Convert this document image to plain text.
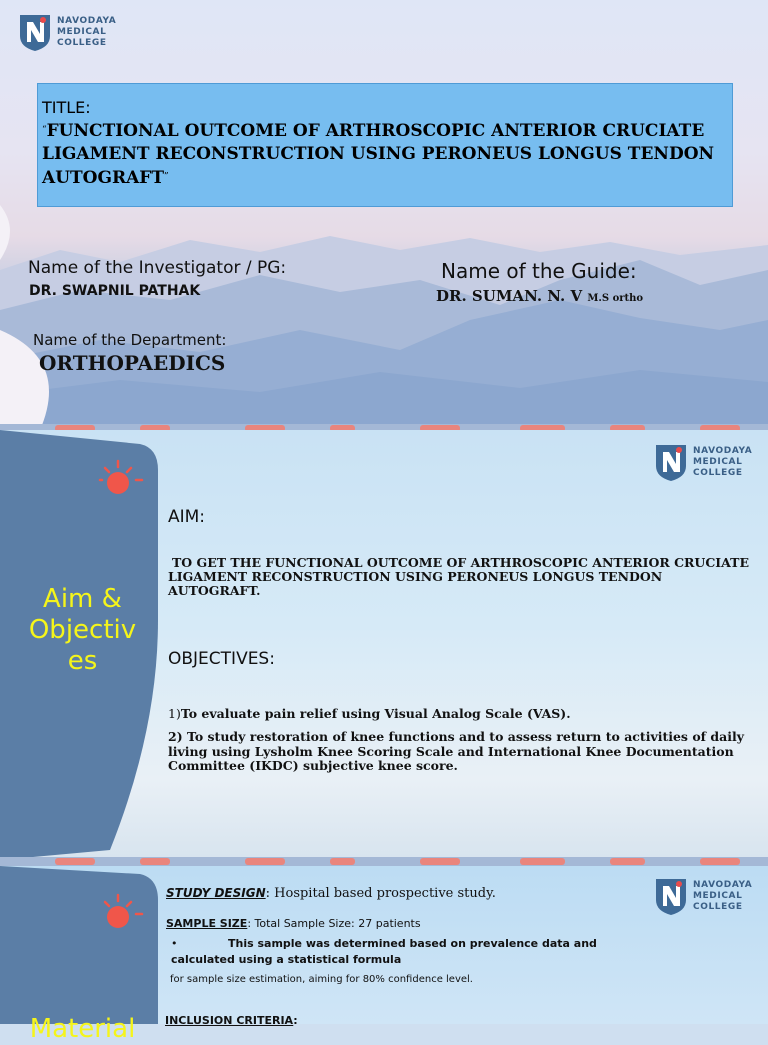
NAVODAYA
MEDICAL
COLLEGE
TITLE:
“FUNCTIONAL OUTCOME OF ARTHROSCOPIC ANTERIOR CRUCIATE LIGAMENT RECONSTRUCTION USING PERONEUS LONGUS TENDON AUTOGRAFT”
Name of the Investigator / PG:
DR. SWAPNIL PATHAK
Name of the Guide:
DR. SUMAN. N. V M.S ortho
Name of the Department:
ORTHOPAEDICS
Aim &
Objectiv
es
NAVODAYA
MEDICAL
COLLEGE
AIM:
TO GET THE FUNCTIONAL OUTCOME OF ARTHROSCOPIC ANTERIOR CRUCIATE LIGAMENT RECONSTRUCTION USING PERONEUS LONGUS TENDON AUTOGRAFT.
OBJECTIVES:
1)To evaluate pain relief using Visual Analog Scale (VAS).
2) To study restoration of knee functions and to assess return to activities of daily living using Lysholm Knee Scoring Scale and International Knee Documentation Committee (IKDC) subjective knee score.
Material
NAVODAYA
MEDICAL
COLLEGE
STUDY DESIGN: Hospital based prospective study.
SAMPLE SIZE: Total Sample Size: 27 patients
•	This sample was determined based on prevalence data and calculated using a statistical formula
for sample size estimation, aiming for 80% confidence level.
INCLUSION CRITERIA:
